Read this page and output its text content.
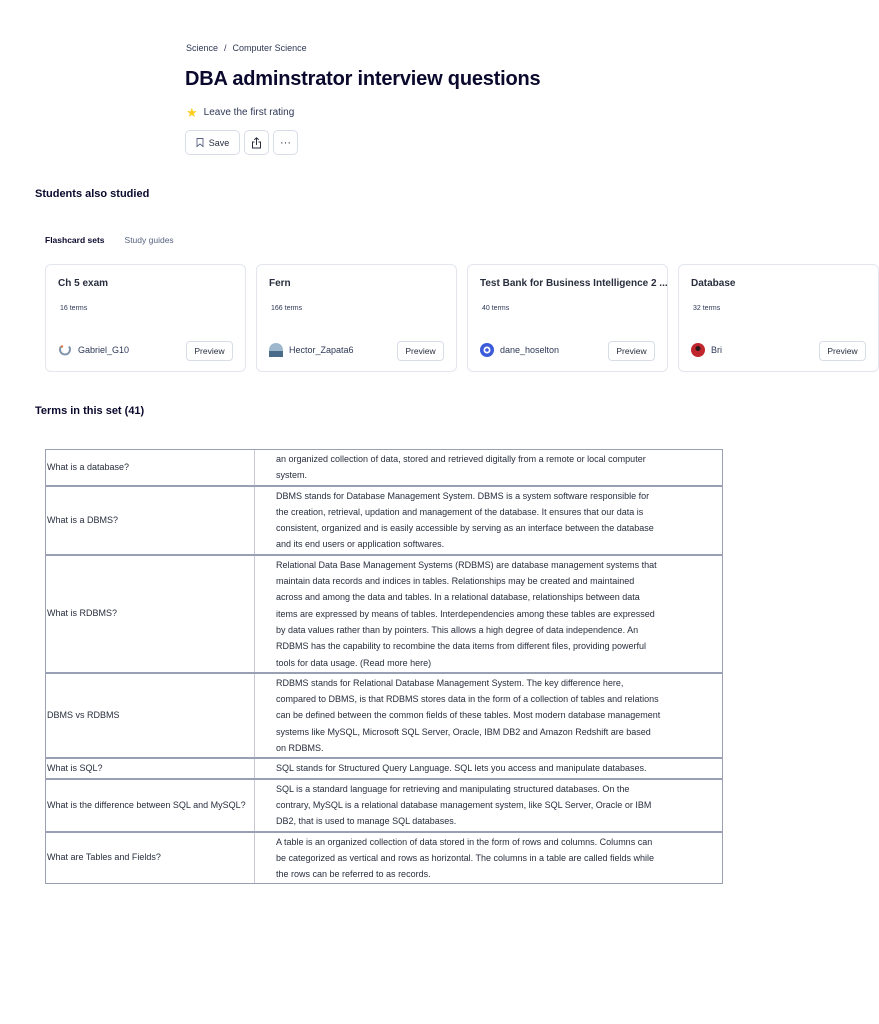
Science / Computer Science
DBA adminstrator interview questions
★ Leave the first rating
Save	···
Students also studied
Flashcard sets Study guides
Ch 5 exam
16 terms
Gabriel_G10	Preview
Fern
166 terms
Hector_Zapata6	Preview
Test Bank for Business Intelligence 2 ...
40 terms
dane_hoselton	Preview
Database
32 terms
Bri	Preview
Terms in this set (41)
What is a database?
an organized collection of data, stored and retrieved digitally from a remote or local computer system.
What is a DBMS?
DBMS stands for Database Management System. DBMS is a system software responsible for the creation, retrieval, updation and management of the database. It ensures that our data is consistent, organized and is easily accessible by serving as an interface between the database and its end users or application softwares.
What is RDBMS?
Relational Data Base Management Systems (RDBMS) are database management systems that maintain data records and indices in tables. Relationships may be created and maintained across and among the data and tables. In a relational database, relationships between data items are expressed by means of tables. Interdependencies among these tables are expressed by data values rather than by pointers. This allows a high degree of data independence. An RDBMS has the capability to recombine the data items from different files, providing powerful tools for data usage. (Read more here)
DBMS vs RDBMS
RDBMS stands for Relational Database Management System. The key difference here, compared to DBMS, is that RDBMS stores data in the form of a collection of tables and relations can be defined between the common fields of these tables. Most modern database management systems like MySQL, Microsoft SQL Server, Oracle, IBM DB2 and Amazon Redshift are based on RDBMS.
What is SQL?	SQL stands for Structured Query Language. SQL lets you access and manipulate databases.
What is the difference between SQL and MySQL?
SQL is a standard language for retrieving and manipulating structured databases. On the contrary, MySQL is a relational database management system, like SQL Server, Oracle or IBM DB2, that is used to manage SQL databases.
What are Tables and Fields?
A table is an organized collection of data stored in the form of rows and columns. Columns can be categorized as vertical and rows as horizontal. The columns in a table are called fields while the rows can be referred to as records.
